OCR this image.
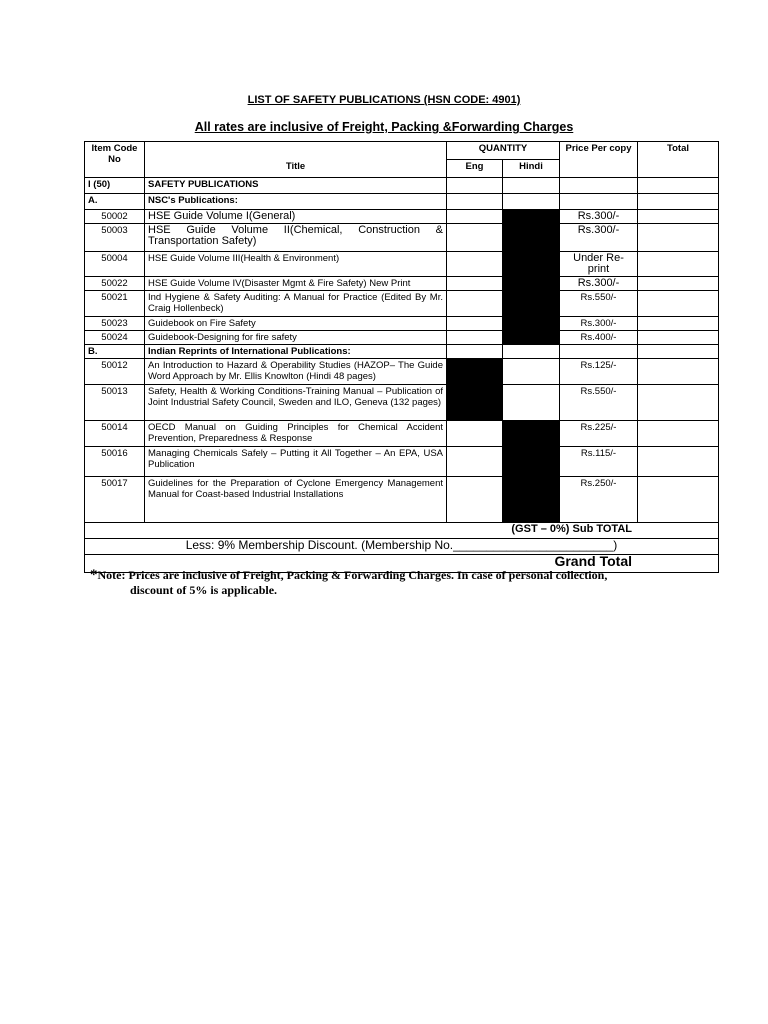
LIST OF SAFETY PUBLICATIONS (HSN CODE: 4901)
All rates are inclusive of Freight, Packing &Forwarding Charges
Item Code No		QUANTITY		Price Per copy	Total
	Title	Eng	Hindi		
I (50)	SAFETY PUBLICATIONS				
A.	NSC's Publications:				
50002	HSE Guide Volume I(General)			Rs.300/-	
50003	HSE Guide Volume II(Chemical, Construction & Transportation Safety)			Rs.300/-	
50004	HSE Guide Volume III(Health & Environment)			Under Re-print	
50022	HSE Guide Volume IV(Disaster Mgmt & Fire Safety) New Print			Rs.300/-	
50021	Ind Hygiene & Safety Auditing: A Manual for Practice (Edited By Mr. Craig Hollenbeck)			Rs.550/-	
50023	Guidebook on Fire Safety			Rs.300/-	
50024	Guidebook-Designing for fire safety			Rs.400/-	
B.	Indian Reprints of International Publications:				
50012	An Introduction to Hazard & Operability Studies (HAZOP– The Guide Word Approach by Mr. Ellis Knowlton (Hindi 48 pages)			Rs.125/-	
50013	Safety, Health & Working Conditions-Training Manual – Publication of Joint Industrial Safety Council, Sweden and ILO, Geneva (132 pages)			Rs.550/-	
50014	OECD Manual on Guiding Principles for Chemical Accident Prevention, Preparedness & Response			Rs.225/-	
50016	Managing Chemicals Safely – Putting it All Together – An EPA, USA Publication			Rs.115/-	
50017	Guidelines for the Preparation of Cyclone Emergency Management Manual for Coast-based Industrial Installations			Rs.250/-	
(GST – 0%) Sub TOTAL					
Less: 9% Membership Discount. (Membership No.________________________)					
Grand Total					
*Note: Prices are inclusive of Freight, Packing & Forwarding Charges. In case of personal collection,
discount of 5% is applicable.
